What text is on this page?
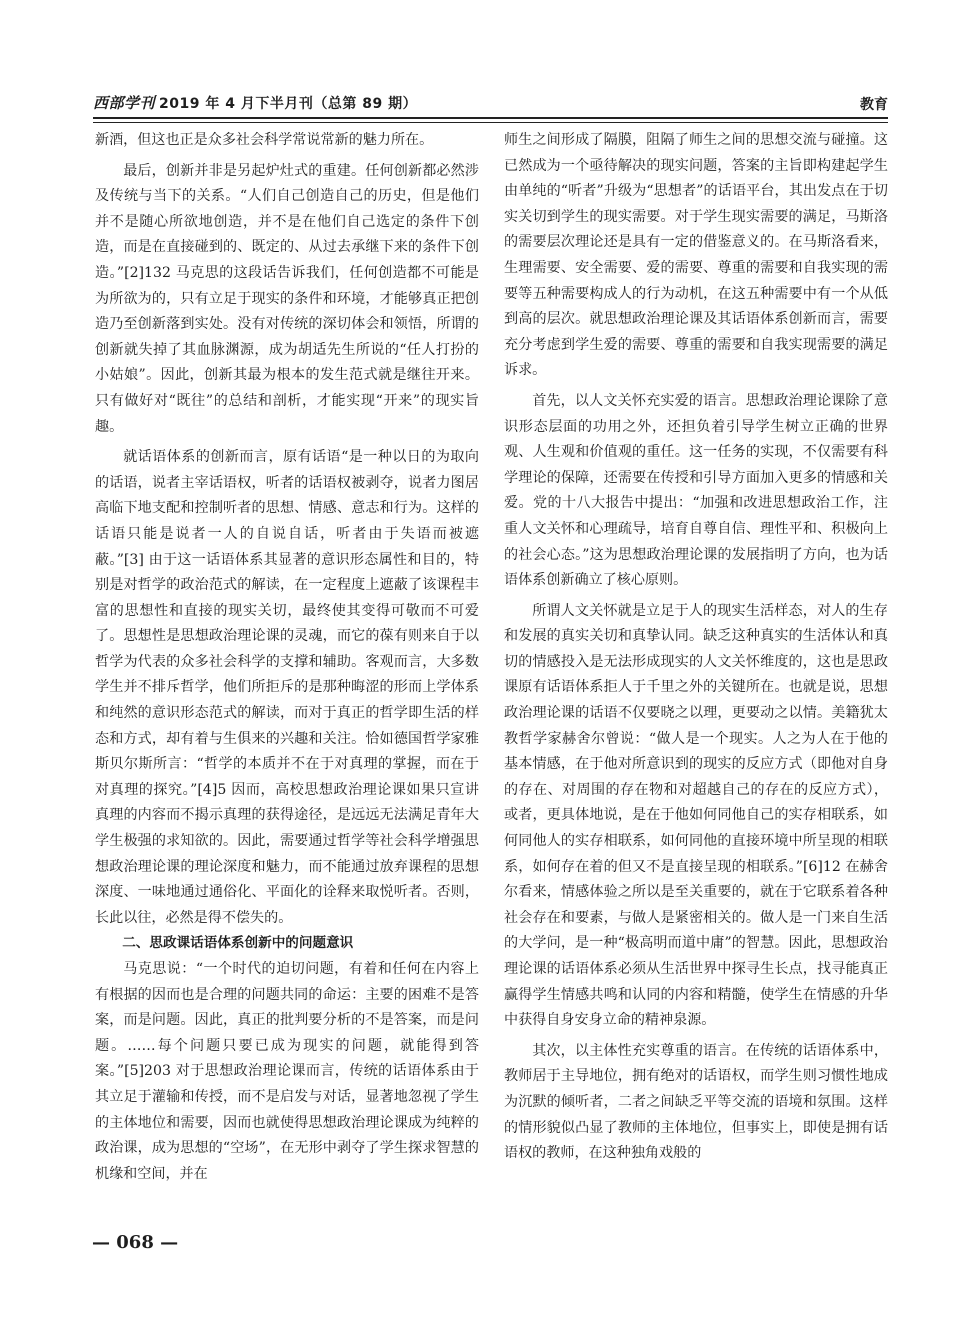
西部学刊 2019 年 4 月下半月刊（总第 89 期）	教育

新酒，但这也正是众多社会科学常说常新的魅力所在。

最后，创新并非是另起炉灶式的重建。任何创新都必然涉及传统与当下的关系。“人们自己创造自己的历史，但是他们并不是随心所欲地创造，并不是在他们自己选定的条件下创造，而是在直接碰到的、既定的、从过去承继下来的条件下创造。”[2]132 马克思的这段话告诉我们，任何创造都不可能是为所欲为的，只有立足于现实的条件和环境，才能够真正把创造乃至创新落到实处。没有对传统的深切体会和领悟，所谓的创新就失掉了其血脉渊源，成为胡适先生所说的“任人打扮的小姑娘”。因此，创新其最为根本的发生范式就是继往开来。只有做好对“既往”的总结和剖析，才能实现“开来”的现实旨趣。

就话语体系的创新而言，原有话语“是一种以日的为取向的话语，说者主宰话语权，听者的话语权被剥夺，说者力图居高临下地支配和控制听者的思想、情感、意志和行为。这样的话语只能是说者一人的自说自话，听者由于失语而被遮蔽。”[3] 由于这一话语体系其显著的意识形态属性和目的，特别是对哲学的政治范式的解读，在一定程度上遮蔽了该课程丰富的思想性和直接的现实关切，最终使其变得可敬而不可爱了。思想性是思想政治理论课的灵魂，而它的葆有则来自于以哲学为代表的众多社会科学的支撑和辅助。客观而言，大多数学生并不排斥哲学，他们所拒斥的是那种晦涩的形而上学体系和纯然的意识形态范式的解读，而对于真正的哲学即生活的样态和方式，却有着与生俱来的兴趣和关注。恰如德国哲学家雅斯贝尔斯所言：“哲学的本质并不在于对真理的掌握，而在于对真理的探究。”[4]5 因而，高校思想政治理论课如果只宣讲真理的内容而不揭示真理的获得途径，是远远无法满足青年大学生极强的求知欲的。因此，需要通过哲学等社会科学增强思想政治理论课的理论深度和魅力，而不能通过放弃课程的思想深度、一味地通过通俗化、平面化的诠释来取悦听者。否则，长此以往，必然是得不偿失的。

二、思政课话语体系创新中的问题意识

马克思说：“一个时代的迫切问题，有着和任何在内容上有根据的因而也是合理的问题共同的命运：主要的困难不是答案，而是问题。因此，真正的批判要分析的不是答案，而是问题。……每个问题只要已成为现实的问题，就能得到答案。”[5]203 对于思想政治理论课而言，传统的话语体系由于其立足于灌输和传授，而不是启发与对话，显著地忽视了学生的主体地位和需要，因而也就使得思想政治理论课成为纯粹的政治课，成为思想的“空场”，在无形中剥夺了学生探求智慧的机缘和空间，并在

师生之间形成了隔膜，阻隔了师生之间的思想交流与碰撞。这已然成为一个亟待解决的现实问题，答案的主旨即构建起学生由单纯的“听者”升级为“思想者”的话语平台，其出发点在于切实关切到学生的现实需要。对于学生现实需要的满足，马斯洛的需要层次理论还是具有一定的借鉴意义的。在马斯洛看来，生理需要、安全需要、爱的需要、尊重的需要和自我实现的需要等五种需要构成人的行为动机，在这五种需要中有一个从低到高的层次。就思想政治理论课及其话语体系创新而言，需要充分考虑到学生爱的需要、尊重的需要和自我实现需要的满足诉求。

首先，以人文关怀充实爱的语言。思想政治理论课除了意识形态层面的功用之外，还担负着引导学生树立正确的世界观、人生观和价值观的重任。这一任务的实现，不仅需要有科学理论的保障，还需要在传授和引导方面加入更多的情感和关爱。党的十八大报告中提出：“加强和改进思想政治工作，注重人文关怀和心理疏导，培育自尊自信、理性平和、积极向上的社会心态。”这为思想政治理论课的发展指明了方向，也为话语体系创新确立了核心原则。

所谓人文关怀就是立足于人的现实生活样态，对人的生存和发展的真实关切和真挚认同。缺乏这种真实的生活体认和真切的情感投入是无法形成现实的人文关怀维度的，这也是思政课原有话语体系拒人于千里之外的关键所在。也就是说，思想政治理论课的话语不仅要晓之以理，更要动之以情。美籍犹太教哲学家赫舍尔曾说：“做人是一个现实。人之为人在于他的基本情感，在于他对所意识到的现实的反应方式（即他对自身的存在、对周围的存在物和对超越自己的存在的反应方式），或者，更具体地说，是在于他如何同他自己的实存相联系，如何同他人的实存相联系，如何同他的直接环境中所呈现的相联系，如何存在着的但又不是直接呈现的相联系。”[6]12 在赫舍尔看来，情感体验之所以是至关重要的，就在于它联系着各种社会存在和要素，与做人是紧密相关的。做人是一门来自生活的大学问，是一种“极高明而道中庸”的智慧。因此，思想政治理论课的话语体系必须从生活世界中探寻生长点，找寻能真正赢得学生情感共鸣和认同的内容和精髓，使学生在情感的升华中获得自身安身立命的精神泉源。

其次，以主体性充实尊重的语言。在传统的话语体系中，教师居于主导地位，拥有绝对的话语权，而学生则习惯性地成为沉默的倾听者，二者之间缺乏平等交流的语境和氛围。这样的情形貌似凸显了教师的主体地位，但事实上，即使是拥有话语权的教师，在这种独角戏般的

— 068 —
